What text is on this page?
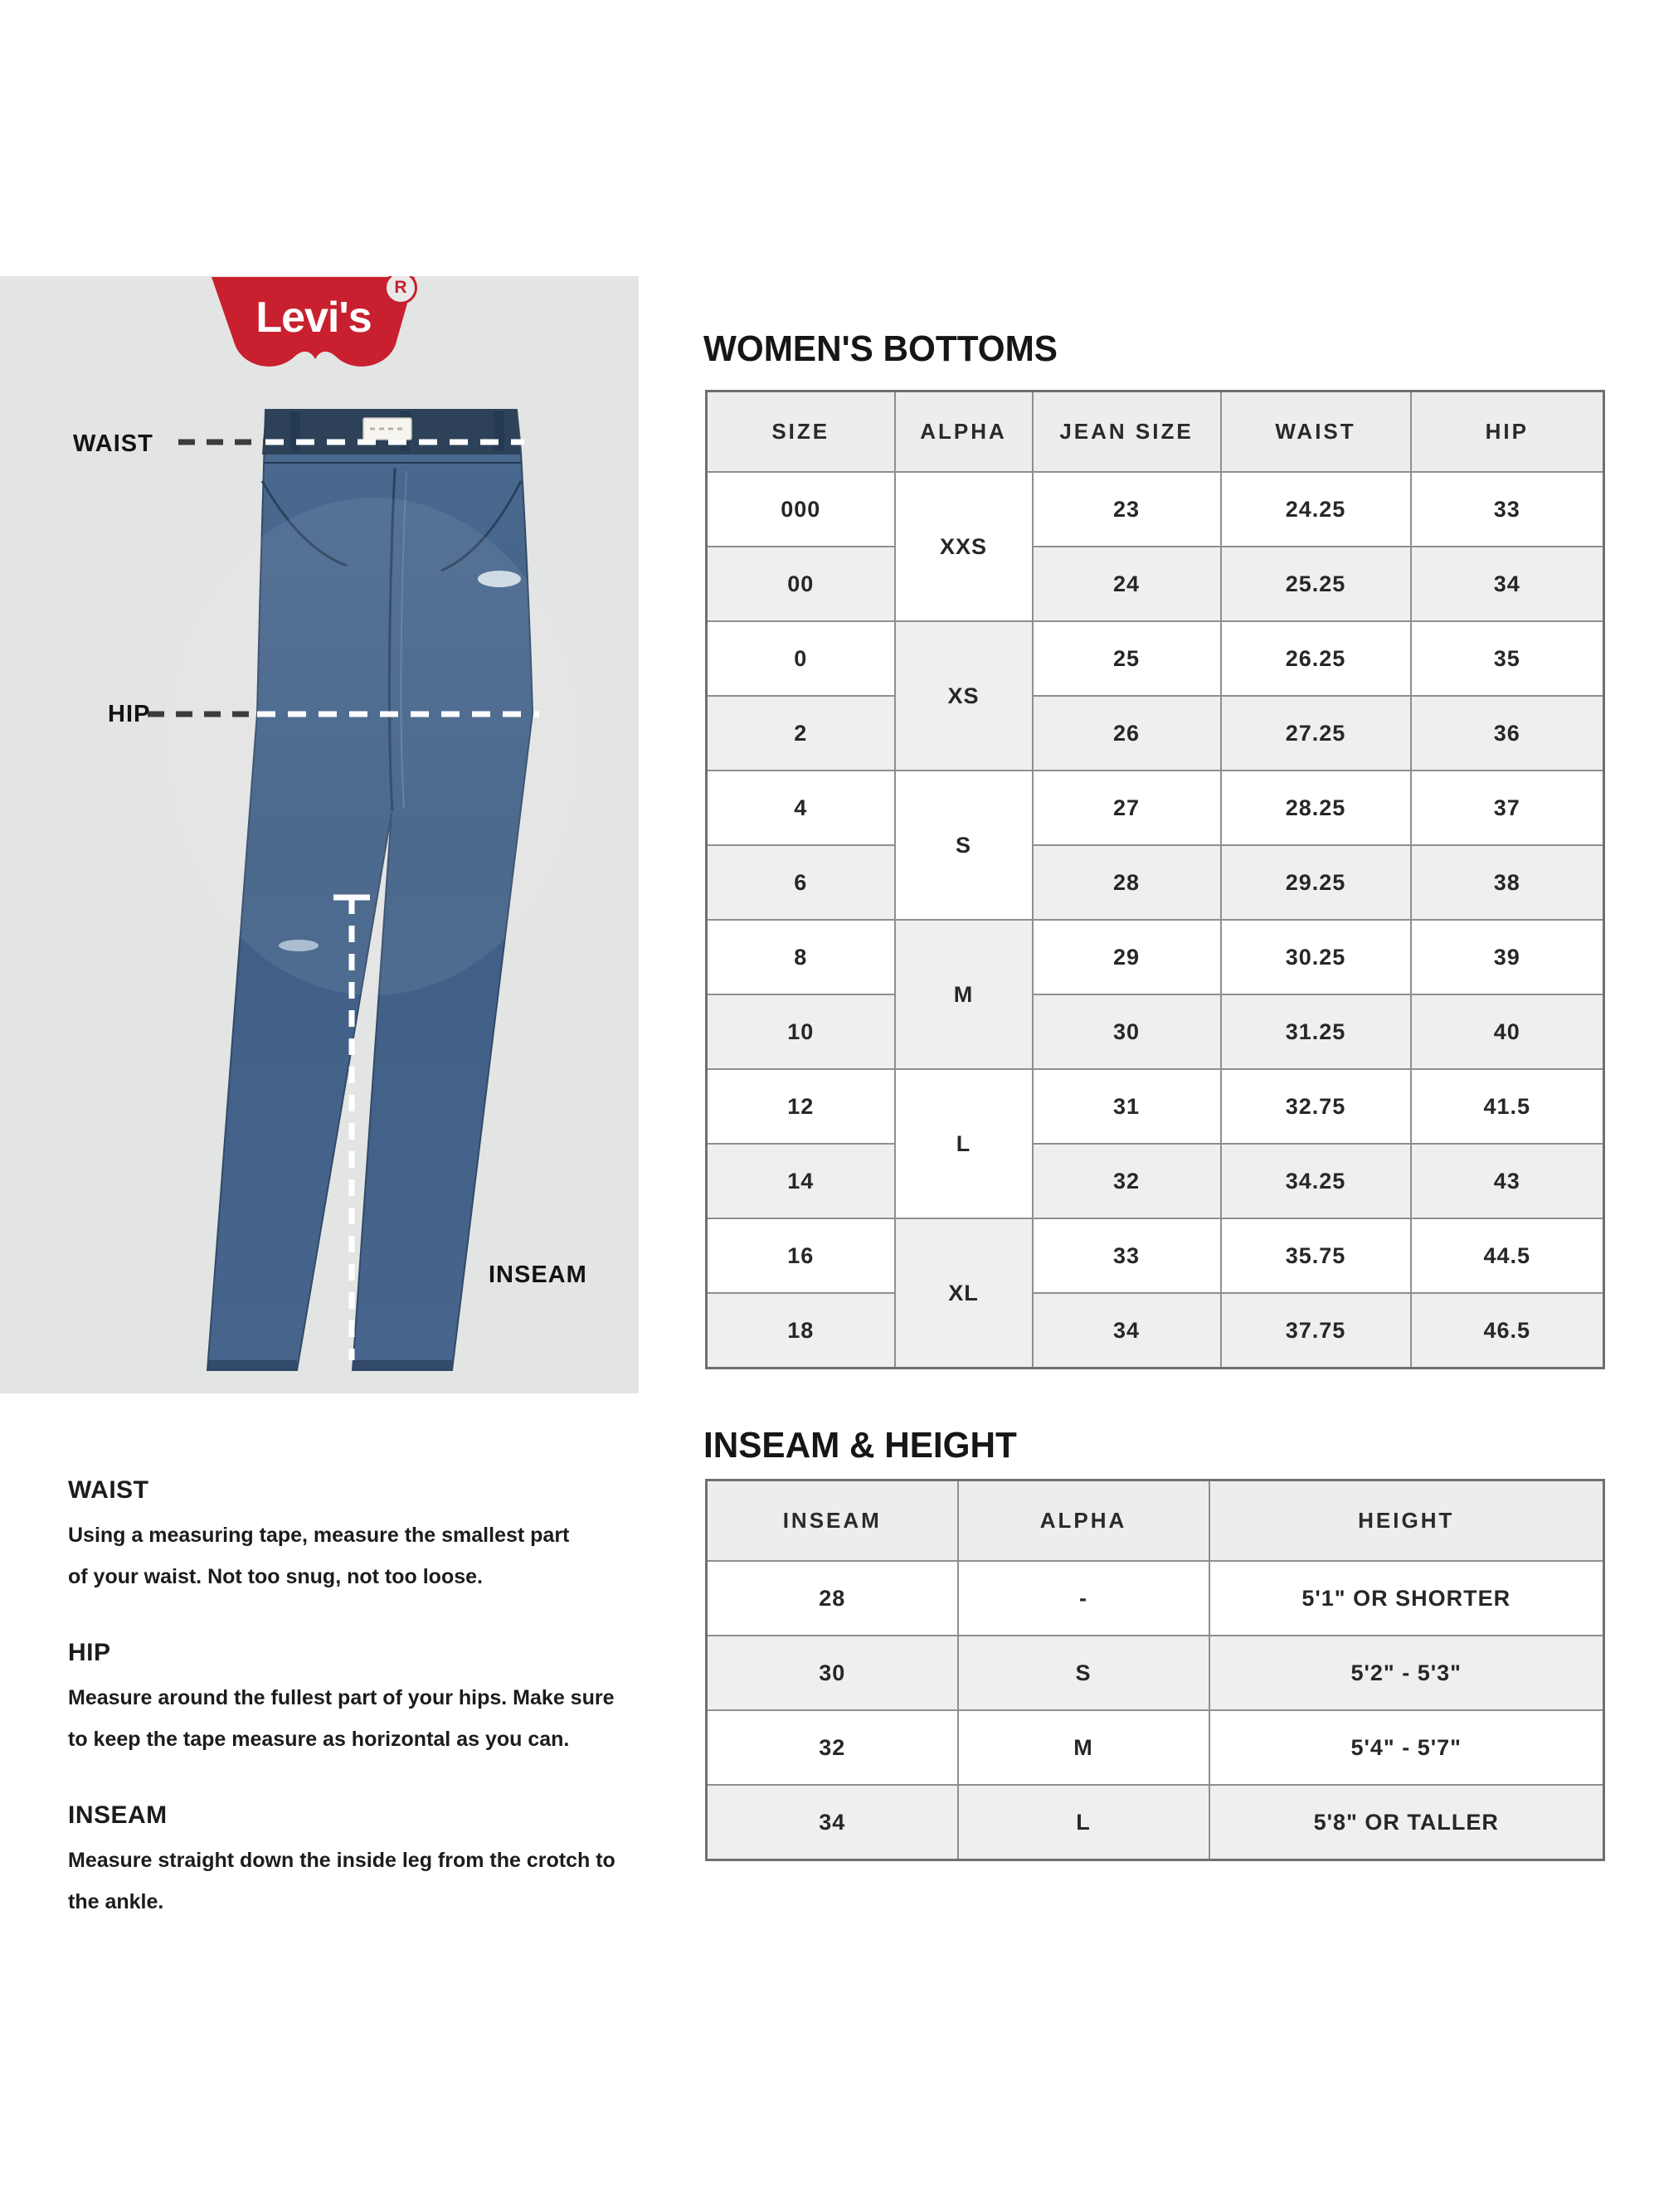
Levi's
R
WAIST
HIP
INSEAM
WOMEN'S BOTTOMS
SIZE	ALPHA	JEAN SIZE	WAIST	HIP
000	XXS	23	24.25	33
00		24	25.25	34
0	XS	25	26.25	35
2		26	27.25	36
4	S	27	28.25	37
6		28	29.25	38
8	M	29	30.25	39
10		30	31.25	40
12	L	31	32.75	41.5
14		32	34.25	43
16	XL	33	35.75	44.5
18		34	37.75	46.5
WAIST
Using a measuring tape, measure the smallest part
of your waist. Not too snug, not too loose.
HIP
Measure around the fullest part of your hips. Make sure
to keep the tape measure as horizontal as you can.
INSEAM
Measure straight down the inside leg from the crotch to
the ankle.
INSEAM & HEIGHT
INSEAM	ALPHA	HEIGHT
28	-	5'1" OR SHORTER
30	S	5'2" - 5'3"
32	M	5'4" - 5'7"
34	L	5'8" OR TALLER
